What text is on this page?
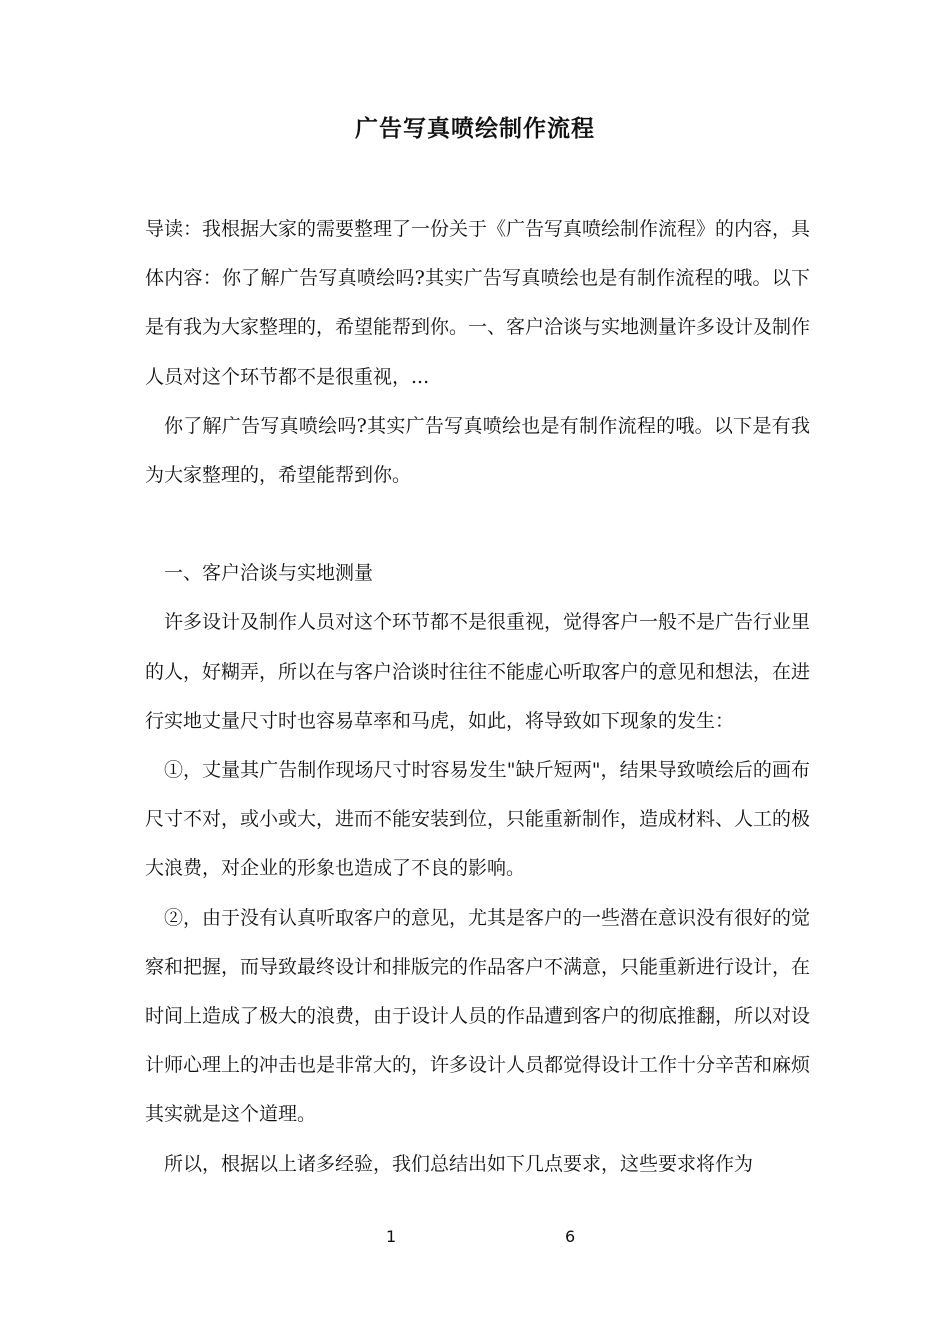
广告写真喷绘制作流程

导读：我根据大家的需要整理了一份关于《广告写真喷绘制作流程》的内容，具体内容：你了解广告写真喷绘吗?其实广告写真喷绘也是有制作流程的哦。以下是有我为大家整理的，希望能帮到你。一、客户洽谈与实地测量许多设计及制作人员对这个环节都不是很重视，...

你了解广告写真喷绘吗?其实广告写真喷绘也是有制作流程的哦。以下是有我为大家整理的，希望能帮到你。

一、客户洽谈与实地测量

许多设计及制作人员对这个环节都不是很重视，觉得客户一般不是广告行业里的人，好糊弄，所以在与客户洽谈时往往不能虚心听取客户的意见和想法，在进行实地丈量尺寸时也容易草率和马虎，如此，将导致如下现象的发生：

①，丈量其广告制作现场尺寸时容易发生"缺斤短两"，结果导致喷绘后的画布尺寸不对，或小或大，进而不能安装到位，只能重新制作，造成材料、人工的极大浪费，对企业的形象也造成了不良的影响。

②，由于没有认真听取客户的意见，尤其是客户的一些潜在意识没有很好的觉察和把握，而导致最终设计和排版完的作品客户不满意，只能重新进行设计，在时间上造成了极大的浪费，由于设计人员的作品遭到客户的彻底推翻，所以对设计师心理上的冲击也是非常大的，许多设计人员都觉得设计工作十分辛苦和麻烦其实就是这个道理。

所以，根据以上诸多经验，我们总结出如下几点要求，这些要求将作为

1	6
